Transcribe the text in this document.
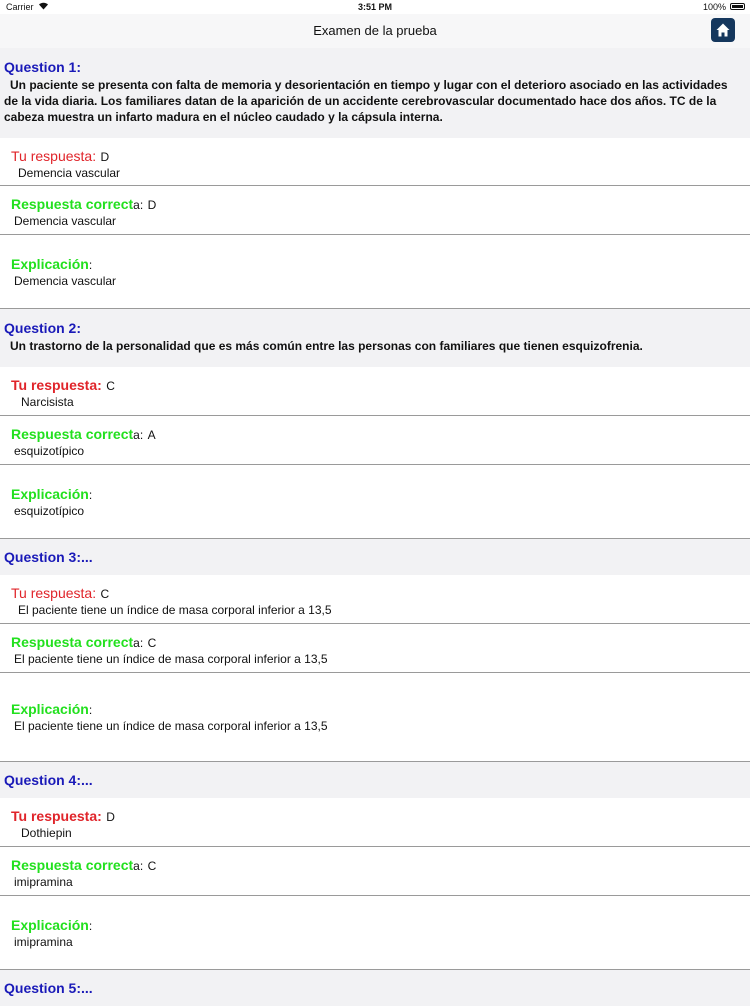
Carrier	3:51 PM	100%
Examen de la prueba
Question 1:
Un paciente se presenta con falta de memoria y desorientación en tiempo y lugar con el deterioro asociado en las actividades de la vida diaria. Los familiares datan de la aparición de un accidente cerebrovascular documentado hace dos años. TC de la cabeza muestra un infarto madura en el núcleo caudado y la cápsula interna.
Tu respuesta: D
Demencia vascular
Respuesta correcta: D
Demencia vascular
Explicación:
Demencia vascular
Question 2:
Un trastorno de la personalidad que es más común entre las personas con familiares que tienen esquizofrenia.
Tu respuesta: C
Narcisista
Respuesta correcta: A
esquizotípico
Explicación:
esquizotípico
Question 3:...
Tu respuesta: C
El paciente tiene un índice de masa corporal inferior a 13,5
Respuesta correcta: C
El paciente tiene un índice de masa corporal inferior a 13,5
Explicación:
El paciente tiene un índice de masa corporal inferior a 13,5
Question 4:...
Tu respuesta: D
Dothiepin
Respuesta correcta: C
imipramina
Explicación:
imipramina
Question 5:...
